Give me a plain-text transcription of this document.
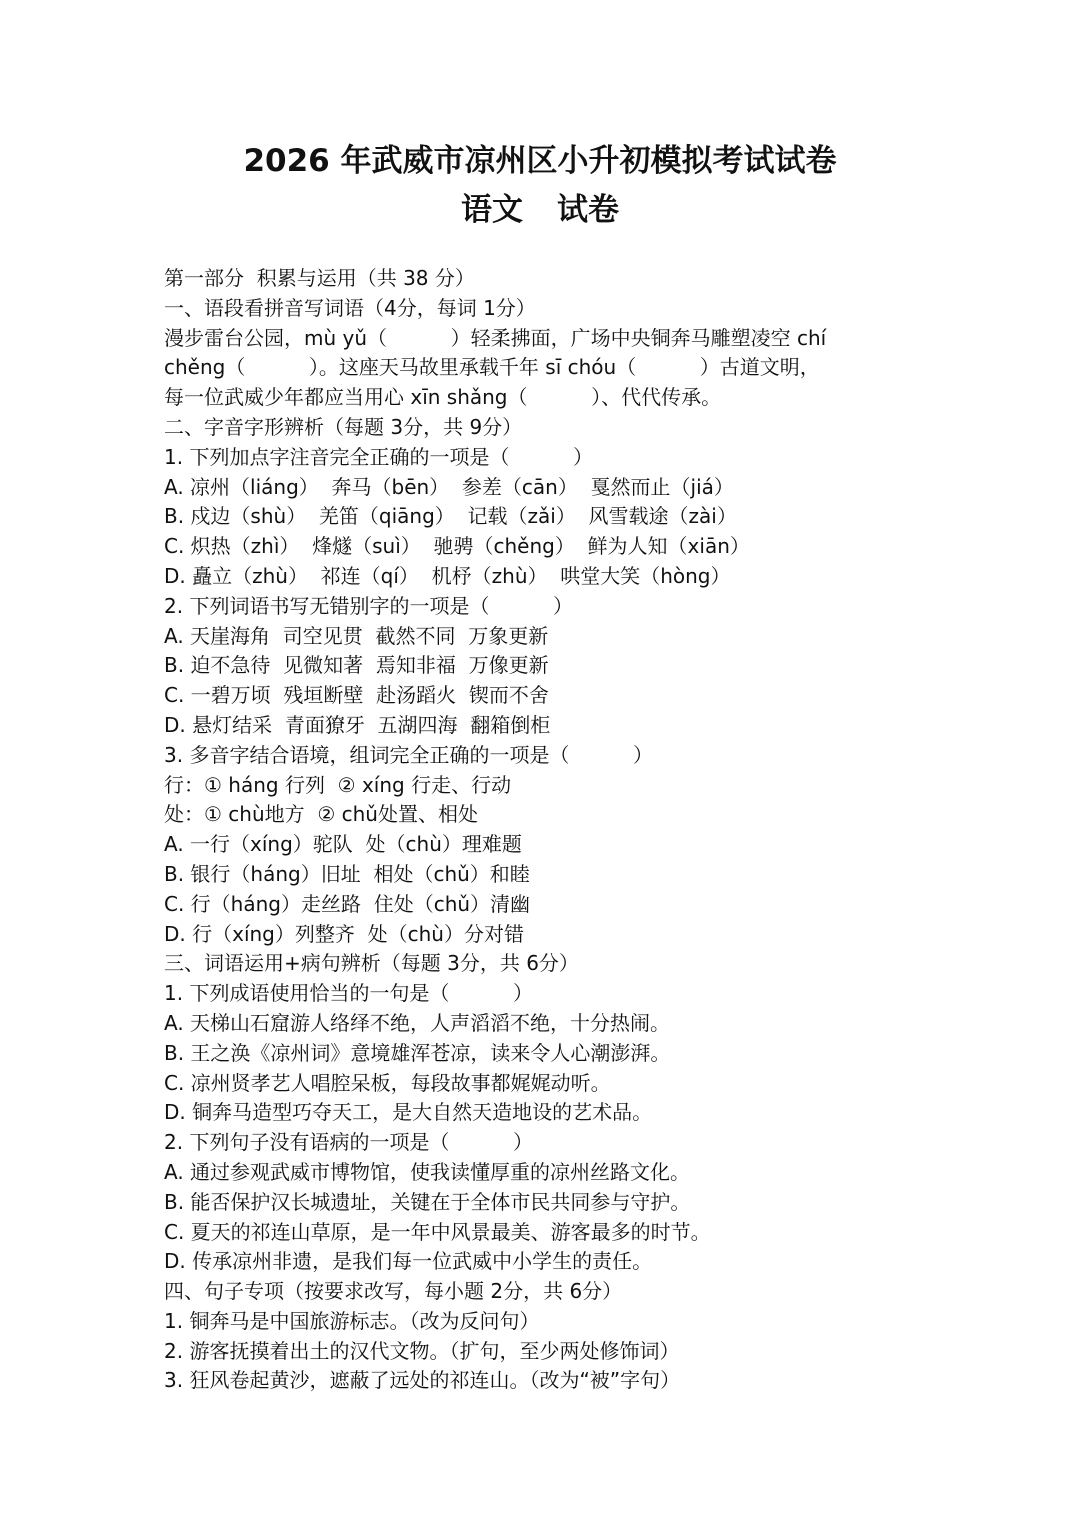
2026 年武威市凉州区小升初模拟考试试卷
语文 试卷
第一部分  积累与运用（共 38 分）
一、语段看拼音写词语（4分，每词 1分）
漫步雷台公园，mù yǔ（          ）轻柔拂面，广场中央铜奔马雕塑凌空 chí
chěng（          ）。这座天马故里承载千年 sī chóu（          ）古道文明，
每一位武威少年都应当用心 xīn shǎng（          ）、代代传承。
二、字音字形辨析（每题 3分，共 9分）
1. 下列加点字注音完全正确的一项是（          ）
A. 凉州（liáng）  奔马（bēn）  参差（cān）  戛然而止（jiá）
B. 戍边（shù）  羌笛（qiāng）  记载（zǎi）  风雪载途（zài）
C. 炽热（zhì）  烽燧（suì）  驰骋（chěng）  鲜为人知（xiān）
D. 矗立（zhù）  祁连（qí）  机杼（zhù）  哄堂大笑（hòng）
2. 下列词语书写无错别字的一项是（          ）
A. 天崖海角  司空见贯  截然不同  万象更新
B. 迫不急待  见微知著  焉知非福  万像更新
C. 一碧万顷  残垣断壁  赴汤蹈火  锲而不舍
D. 悬灯结采  青面獠牙  五湖四海  翻箱倒柜
3. 多音字结合语境，组词完全正确的一项是（          ）
行：① háng 行列  ② xíng 行走、行动
处：① chù地方  ② chǔ处置、相处
A. 一行（xíng）驼队  处（chù）理难题
B. 银行（háng）旧址  相处（chǔ）和睦
C. 行（háng）走丝路  住处（chǔ）清幽
D. 行（xíng）列整齐  处（chù）分对错
三、词语运用+病句辨析（每题 3分，共 6分）
1. 下列成语使用恰当的一句是（          ）
A. 天梯山石窟游人络绎不绝，人声滔滔不绝，十分热闹。
B. 王之涣《凉州词》意境雄浑苍凉，读来令人心潮澎湃。
C. 凉州贤孝艺人唱腔呆板，每段故事都娓娓动听。
D. 铜奔马造型巧夺天工，是大自然天造地设的艺术品。
2. 下列句子没有语病的一项是（          ）
A. 通过参观武威市博物馆，使我读懂厚重的凉州丝路文化。
B. 能否保护汉长城遗址，关键在于全体市民共同参与守护。
C. 夏天的祁连山草原，是一年中风景最美、游客最多的时节。
D. 传承凉州非遗，是我们每一位武威中小学生的责任。
四、句子专项（按要求改写，每小题 2分，共 6分）
1. 铜奔马是中国旅游标志。（改为反问句）
2. 游客抚摸着出土的汉代文物。（扩句，至少两处修饰词）
3. 狂风卷起黄沙，遮蔽了远处的祁连山。（改为“被”字句）
